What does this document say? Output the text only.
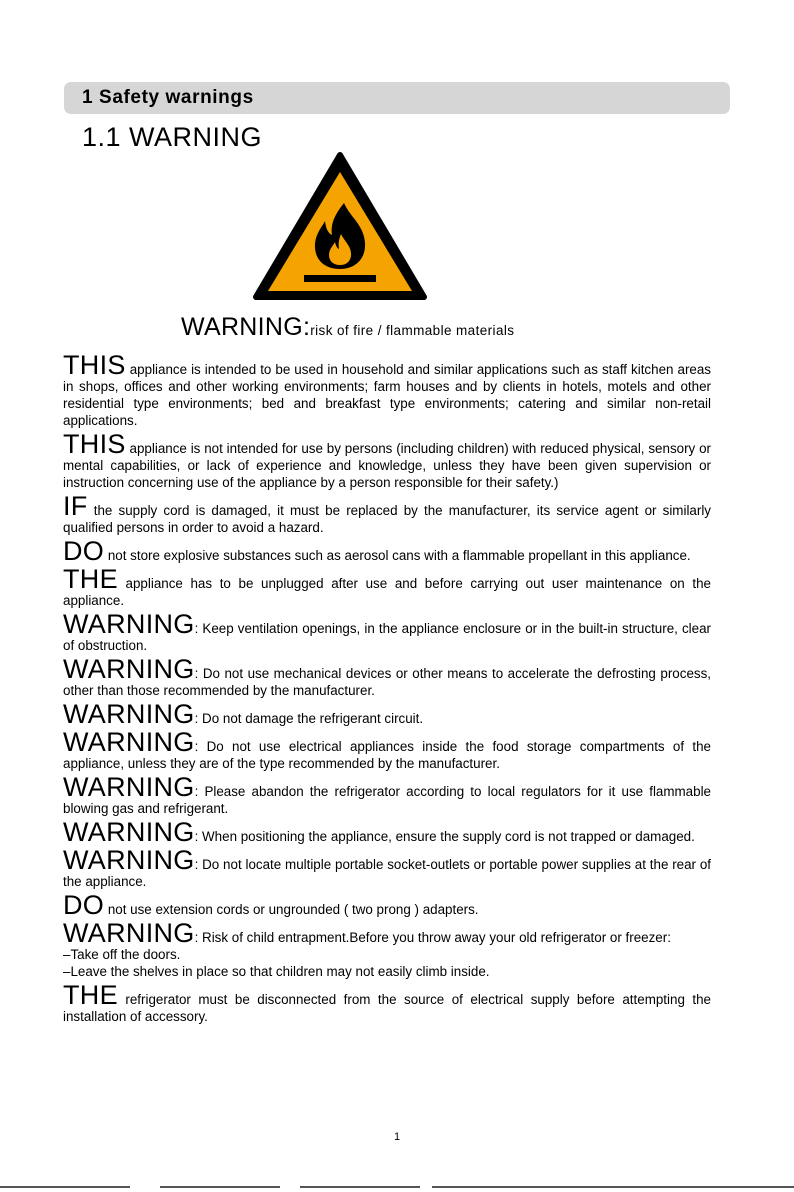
1 Safety warnings
1.1 WARNING
WARNING:risk of fire / flammable materials

THIS appliance is intended to be used in household and similar applications such as staff kitchen areas in shops, offices and other working environments; farm houses and by clients in hotels, motels and other residential type environments; bed and breakfast type environments; catering and similar non-retail applications.

THIS appliance is not intended for use by persons (including children) with reduced physical, sensory or mental capabilities, or lack of experience and knowledge, unless they have been given supervision or instruction concerning use of the appliance by a person responsible for their safety.)

IF the supply cord is damaged, it must be replaced by the manufacturer, its service agent or similarly qualified persons in order to avoid a hazard.

DO not store explosive substances such as aerosol cans with a flammable propellant in this appliance.

THE appliance has to be unplugged after use and before carrying out user maintenance on the appliance.

WARNING: Keep ventilation openings, in the appliance enclosure or in the built-in structure, clear of obstruction.

WARNING: Do not use mechanical devices or other means to accelerate the defrosting process, other than those recommended by the manufacturer.

WARNING: Do not damage the refrigerant circuit.

WARNING: Do not use electrical appliances inside the food storage compartments of the appliance, unless they are of the type recommended by the manufacturer.

WARNING: Please abandon the refrigerator according to local regulators for it use flammable blowing gas and refrigerant.

WARNING: When positioning the appliance, ensure the supply cord is not trapped or damaged.

WARNING: Do not locate multiple portable socket-outlets or portable power supplies at the rear of the appliance.

DO not use extension cords or ungrounded ( two prong ) adapters.

WARNING: Risk of child entrapment.Before you throw away your old refrigerator or freezer:
–Take off the doors.
–Leave the shelves in place so that children may not easily climb inside.

THE refrigerator must be disconnected from the source of electrical supply before attempting the installation of accessory.

1
